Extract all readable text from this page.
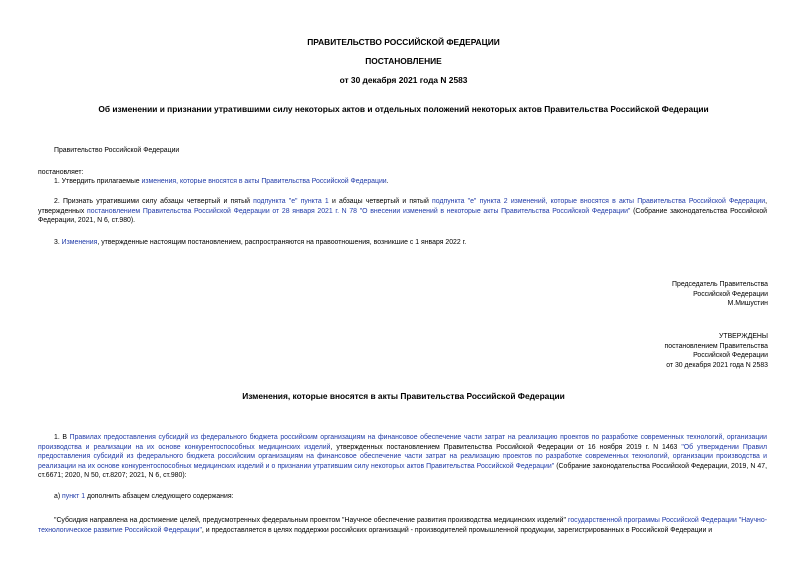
ПРАВИТЕЛЬСТВО РОССИЙСКОЙ ФЕДЕРАЦИИ
ПОСТАНОВЛЕНИЕ
от 30 декабря 2021 года N 2583
Об изменении и признании утратившими силу некоторых актов и отдельных положений некоторых актов Правительства Российской Федерации
Правительство Российской Федерации
постановляет:
1. Утвердить прилагаемые изменения, которые вносятся в акты Правительства Российской Федерации.
2. Признать утратившими силу абзацы четвертый и пятый подпункта "е" пункта 1 и абзацы четвертый и пятый подпункта "е" пункта 2 изменений, которые вносятся в акты Правительства Российской Федерации, утвержденных постановлением Правительства Российской Федерации от 28 января 2021 г. N 78 "О внесении изменений в некоторые акты Правительства Российской Федерации" (Собрание законодательства Российской Федерации, 2021, N 6, ст.980).
3. Изменения, утвержденные настоящим постановлением, распространяются на правоотношения, возникшие с 1 января 2022 г.
Председатель Правительства
Российской Федерации
М.Мишустин
УТВЕРЖДЕНЫ
постановлением Правительства
Российской Федерации
от 30 декабря 2021 года N 2583
Изменения, которые вносятся в акты Правительства Российской Федерации
1. В Правилах предоставления субсидий из федерального бюджета российским организациям на финансовое обеспечение части затрат на реализацию проектов по разработке современных технологий, организации производства и реализации на их основе конкурентоспособных медицинских изделий, утвержденных постановлением Правительства Российской Федерации от 16 ноября 2019 г. N 1463 "Об утверждении Правил предоставления субсидий из федерального бюджета российским организациям на финансовое обеспечение части затрат на реализацию проектов по разработке современных технологий, организации производства и реализации на их основе конкурентоспособных медицинских изделий и о признании утратившим силу некоторых актов Правительства Российской Федерации" (Собрание законодательства Российской Федерации, 2019, N 47, ст.6671; 2020, N 50, ст.8207; 2021, N 6, ст.980):
а) пункт 1 дополнить абзацем следующего содержания:
"Субсидия направлена на достижение целей, предусмотренных федеральным проектом "Научное обеспечение развития производства медицинских изделий" государственной программы Российской Федерации "Научно-технологическое развитие Российской Федерации", и предоставляется в целях поддержки российских организаций - производителей промышленной продукции, зарегистрированных в Российской Федерации и
